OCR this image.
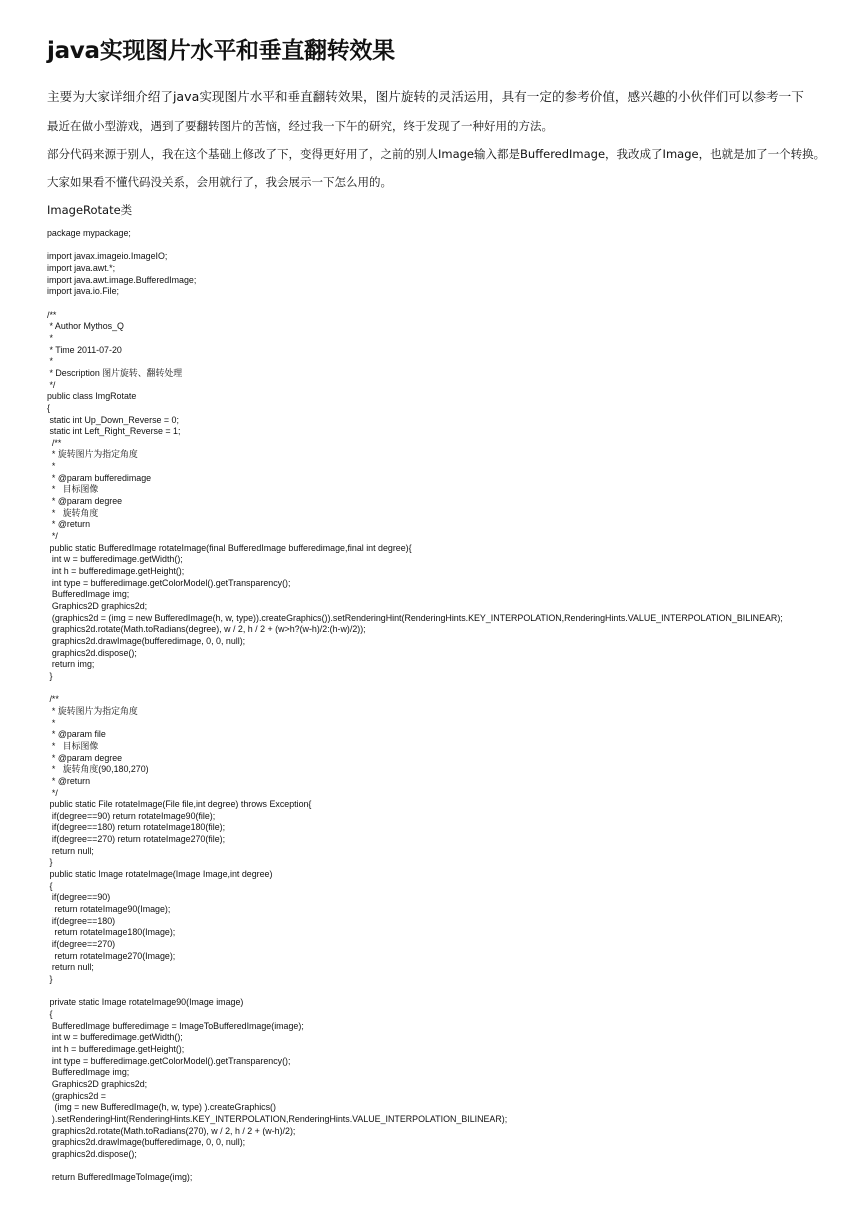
java实现图片水平和垂直翻转效果

主要为大家详细介绍了java实现图片水平和垂直翻转效果，图片旋转的灵活运用，具有一定的参考价值，感兴趣的小伙伴们可以参考一下

最近在做小型游戏，遇到了要翻转图片的苦恼，经过我一下午的研究，终于发现了一种好用的方法。

部分代码来源于别人，我在这个基础上修改了下，变得更好用了，之前的别人Image输入都是BufferedImage，我改成了Image，也就是加了一个转换。

大家如果看不懂代码没关系，会用就行了，我会展示一下怎么用的。

ImageRotate类

package mypackage;

import javax.imageio.ImageIO;
import java.awt.*;
import java.awt.image.BufferedImage;
import java.io.File;

/**
* Author Mythos_Q
*
* Time 2011-07-20
*
* Description 图片旋转、翻转处理
*/
public class ImgRotate
{
static int Up_Down_Reverse = 0;
static int Left_Right_Reverse = 1;
/**
* 旋转图片为指定角度
*
* @param bufferedimage
*   目标图像
* @param degree
*   旋转角度
* @return
*/
public static BufferedImage rotateImage(final BufferedImage bufferedimage,final int degree){
int w = bufferedimage.getWidth();
int h = bufferedimage.getHeight();
int type = bufferedimage.getColorModel().getTransparency();
BufferedImage img;
Graphics2D graphics2d;
(graphics2d = (img = new BufferedImage(h, w, type)).createGraphics()).setRenderingHint(RenderingHints.KEY_INTERPOLATION,RenderingHints.VALUE_INTERPOLATION_BILINEAR);
graphics2d.rotate(Math.toRadians(degree), w / 2, h / 2 + (w>h?(w-h)/2:(h-w)/2));
graphics2d.drawImage(bufferedimage, 0, 0, null);
graphics2d.dispose();
return img;
}

/**
* 旋转图片为指定角度
*
* @param file
*   目标图像
* @param degree
*   旋转角度(90,180,270)
* @return
*/
public static File rotateImage(File file,int degree) throws Exception{
if(degree==90) return rotateImage90(file);
if(degree==180) return rotateImage180(file);
if(degree==270) return rotateImage270(file);
return null;
}
public static Image rotateImage(Image Image,int degree)
{
if(degree==90)
return rotateImage90(Image);
if(degree==180)
return rotateImage180(Image);
if(degree==270)
return rotateImage270(Image);
return null;
}

private static Image rotateImage90(Image image)
{
BufferedImage bufferedimage = ImageToBufferedImage(image);
int w = bufferedimage.getWidth();
int h = bufferedimage.getHeight();
int type = bufferedimage.getColorModel().getTransparency();
BufferedImage img;
Graphics2D graphics2d;
(graphics2d =
(img = new BufferedImage(h, w, type) ).createGraphics()
).setRenderingHint(RenderingHints.KEY_INTERPOLATION,RenderingHints.VALUE_INTERPOLATION_BILINEAR);
graphics2d.rotate(Math.toRadians(270), w / 2, h / 2 + (w-h)/2);
graphics2d.drawImage(bufferedimage, 0, 0, null);
graphics2d.dispose();

return BufferedImageToImage(img);
